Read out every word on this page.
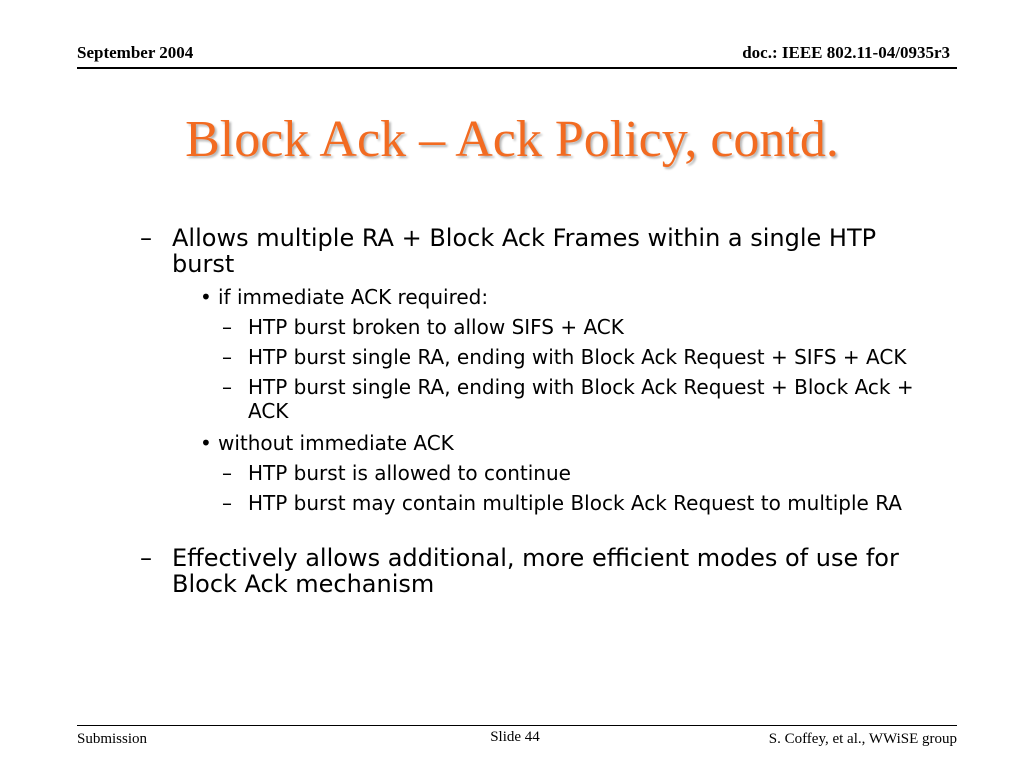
September 2004	doc.: IEEE 802.11-04/0935r3
Block Ack – Ack Policy, contd.
– Allows multiple RA + Block Ack Frames within a single HTP burst
• if immediate ACK required:
– HTP burst broken to allow SIFS + ACK
– HTP burst single RA, ending with Block Ack Request + SIFS + ACK
– HTP burst single RA, ending with Block Ack Request + Block Ack + ACK
• without immediate ACK
– HTP burst is allowed to continue
– HTP burst may contain multiple Block Ack Request to multiple RA
– Effectively allows additional, more efficient modes of use for Block Ack mechanism
Submission	Slide 44	S. Coffey, et al., WWiSE group
